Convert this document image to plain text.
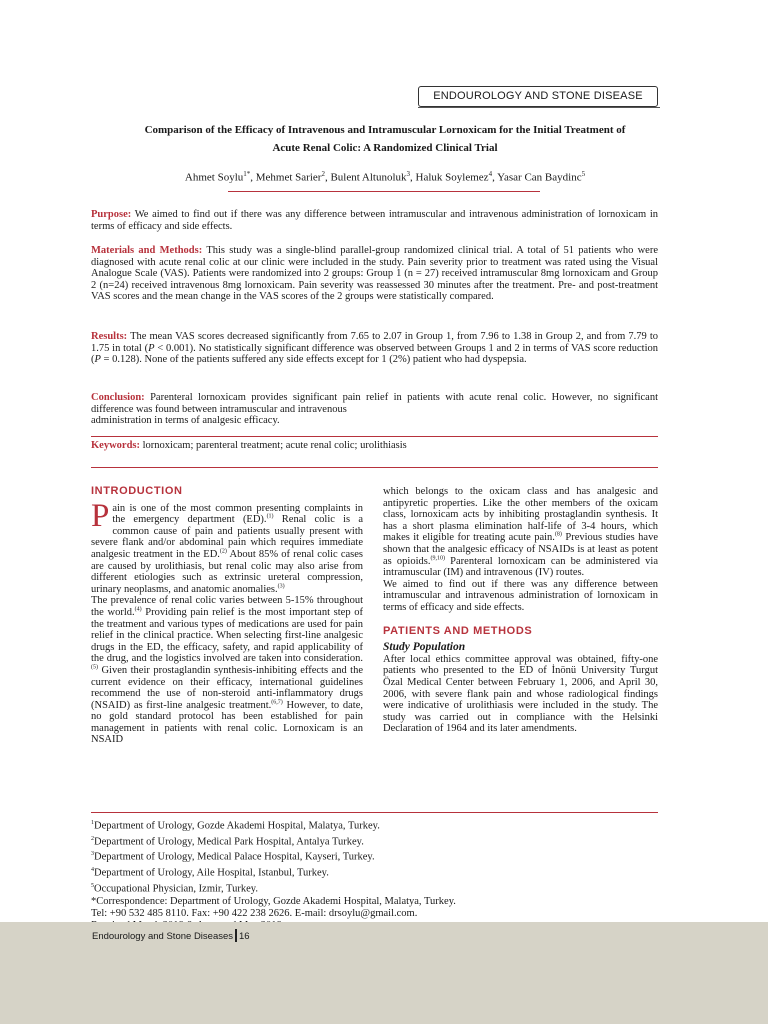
ENDOUROLOGY AND STONE DISEASE
Comparison of the Efficacy of Intravenous and Intramuscular Lornoxicam for the Initial Treatment of
Acute Renal Colic: A Randomized Clinical Trial
Ahmet Soylu$^{1*}$, Mehmet Sarier$^2$, Bulent Altunoluk$^3$, Haluk Soylemez$^4$, Yasar Can Baydinc$^5$

Purpose: We aimed to find out if there was any difference between intramuscular and intravenous administration of lornoxicam in terms of efficacy and side effects.

Materials and Methods: This study was a single-blind parallel-group randomized clinical trial. A total of 51 patients who were diagnosed with acute renal colic at our clinic were included in the study. Pain severity prior to treatment was rated using the Visual Analogue Scale (VAS). Patients were randomized into 2 groups: Group 1 (n = 27) received intramuscular 8mg lornoxicam and Group 2 (n=24) received intravenous 8mg lornoxicam. Pain severity was reassessed 30 minutes after the treatment. Pre- and post-treatment VAS scores and the mean change in the VAS scores of the 2 groups were statistically compared.

Results: The mean VAS scores decreased significantly from 7.65 to 2.07 in Group 1, from 7.96 to 1.38 in Group 2, and from 7.79 to 1.75 in total (P < 0.001). No statistically significant difference was observed between Groups 1 and 2 in terms of VAS score reduction (P = 0.128). None of the patients suffered any side effects except for 1 (2%) patient who had dyspepsia.

Conclusion: Parenteral lornoxicam provides significant pain relief in patients with acute renal colic. However, no significant difference was found between intramuscular and intravenous
administration in terms of analgesic efficacy.

Keywords: lornoxicam; parenteral treatment; acute renal colic; urolithiasis

INTRODUCTION

Pain is one of the most common presenting complaints in the emergency department (ED).$^{(1)}$ Renal colic is a common cause of pain and patients usually present with severe flank and/or abdominal pain which requires immediate analgesic treatment in the ED.$^{(2)}$ About 85% of renal colic cases are caused by urolithiasis, but renal colic may also arise from different etiologies such as extrinsic ureteral compression, urinary neoplasms, and anatomic anomalies.$^{(3)}$

The prevalence of renal colic varies between 5-15% throughout the world.$^{(4)}$ Providing pain relief is the most important step of the treatment and various types of medications are used for pain relief in the clinical practice. When selecting first-line analgesic drugs in the ED, the efficacy, safety, and rapid applicability of the drug, and the logistics involved are taken into consideration.$^{(5)}$ Given their prostaglandin synthesis-inhibiting effects and the current evidence on their efficacy, international guidelines recommend the use of non-steroid anti-inflammatory drugs (NSAID) as first-line analgesic treatment.$^{(6,7)}$ However, to date, no gold standard protocol has been established for pain management in patients with renal colic. Lornoxicam is an NSAID

which belongs to the oxicam class and has analgesic and antipyretic properties. Like the other members of the oxicam class, lornoxicam acts by inhibiting prostaglandin synthesis. It has a short plasma elimination half-life of 3-4 hours, which makes it eligible for treating acute pain.$^{(8)}$ Previous studies have shown that the analgesic efficacy of NSAIDs is at least as potent as opioids.$^{(9,10)}$ Parenteral lornoxicam can be administered via intramuscular (IM) and intravenous (IV) routes.

We aimed to find out if there was any difference between intramuscular and intravenous administration of lornoxicam in terms of efficacy and side effects.

PATIENTS AND METHODS
Study Population

After local ethics committee approval was obtained, fifty-one patients who presented to the ED of İnönü University Turgut Özal Medical Center between February 1, 2006, and April 30, 2006, with severe flank pain and whose radiological findings were indicative of urolithiasis were included in the study. The study was carried out in compliance with the Helsinki Declaration of 1964 and its later amendments.

$^1$Department of Urology, Gozde Akademi Hospital, Malatya, Turkey.
$^2$Department of Urology, Medical Park Hospital, Antalya Turkey.
$^3$Department of Urology, Medical Palace Hospital, Kayseri, Turkey.
$^4$Department of Urology, Aile Hospital, Istanbul, Turkey.
$^5$Occupational Physician, Izmir, Turkey.
*Correspondence: Department of Urology, Gozde Akademi Hospital, Malatya, Turkey.
Tel: +90 532 485 8110. Fax: +90 422 238 2626. E-mail: drsoylu@gmail.com.
Endourology and Stone Diseases 16
